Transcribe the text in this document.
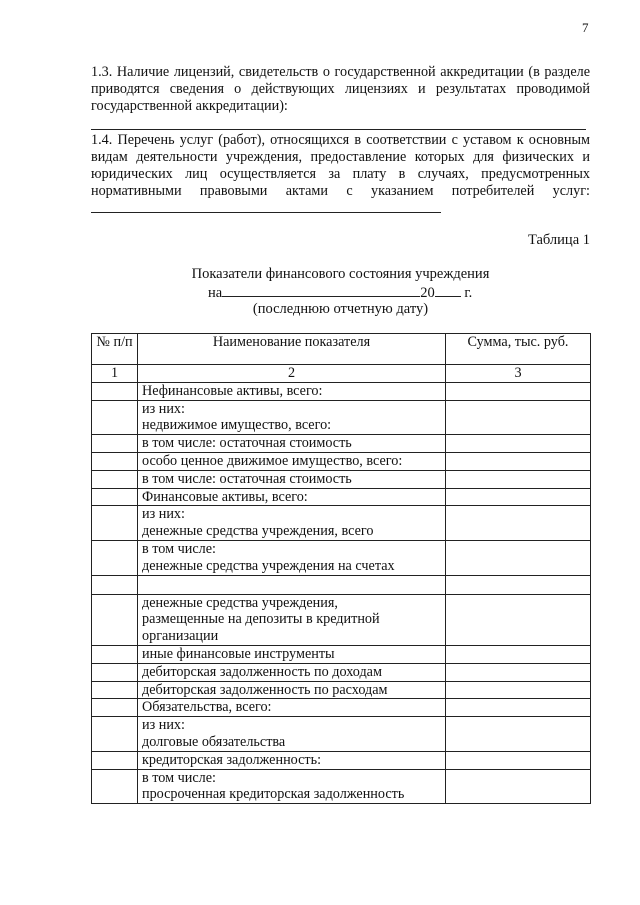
7
1.3. Наличие лицензий, свидетельств о государственной аккредитации (в разделе приводятся сведения о действующих лицензиях и результатах проводимой государственной аккредитации):
1.4. Перечень услуг (работ), относящихся в соответствии с уставом к основным видам деятельности учреждения, предоставление которых для физических и юридических лиц осуществляется за плату в случаях, предусмотренных нормативными правовыми актами с указанием потребителей услуг:
Таблица 1
Показатели финансового состояния учреждения
на	20 г.
(последнюю отчетную дату)
№ п/п	Наименование показателя	Сумма, тыс. руб.
1	2	3
	Нефинансовые активы, всего:	
	из них:
недвижимое имущество, всего:	
	в том числе: остаточная стоимость	
	особо ценное движимое имущество, всего:	
	в том числе: остаточная стоимость	
	Финансовые активы, всего:	
	из них:
денежные средства учреждения, всего	
	в том числе:
денежные средства учреждения на счетах	

	денежные средства учреждения,
размещенные на депозиты в кредитной
организации	
	иные финансовые инструменты	
	дебиторская задолженность по доходам	
	дебиторская задолженность по расходам	
	Обязательства, всего:	
	из них:
долговые обязательства	
	кредиторская задолженность:	
	в том числе:
просроченная кредиторская задолженность	
